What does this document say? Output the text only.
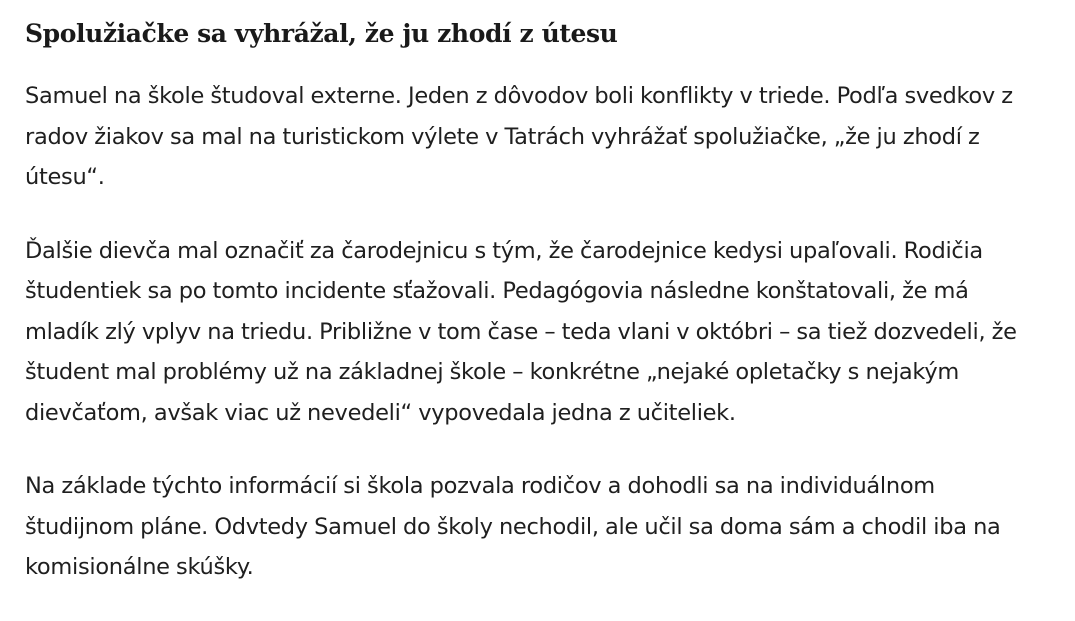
Spolužiačke sa vyhrážal, že ju zhodí z útesu

Samuel na škole študoval externe. Jeden z dôvodov boli konflikty v triede. Podľa svedkov z
radov žiakov sa mal na turistickom výlete v Tatrách vyhrážať spolužiačke, „že ju zhodí z
útesu“.

Ďalšie dievča mal označiť za čarodejnicu s tým, že čarodejnice kedysi upaľovali. Rodičia
študentiek sa po tomto incidente sťažovali. Pedagógovia následne konštatovali, že má
mladík zlý vplyv na triedu. Približne v tom čase – teda vlani v októbri – sa tiež dozvedeli, že
študent mal problémy už na základnej škole – konkrétne „nejaké opletačky s nejakým
dievčaťom, avšak viac už nevedeli“ vypovedala jedna z učiteliek.

Na základe týchto informácií si škola pozvala rodičov a dohodli sa na individuálnom
študijnom pláne. Odvtedy Samuel do školy nechodil, ale učil sa doma sám a chodil iba na
komisionálne skúšky.
